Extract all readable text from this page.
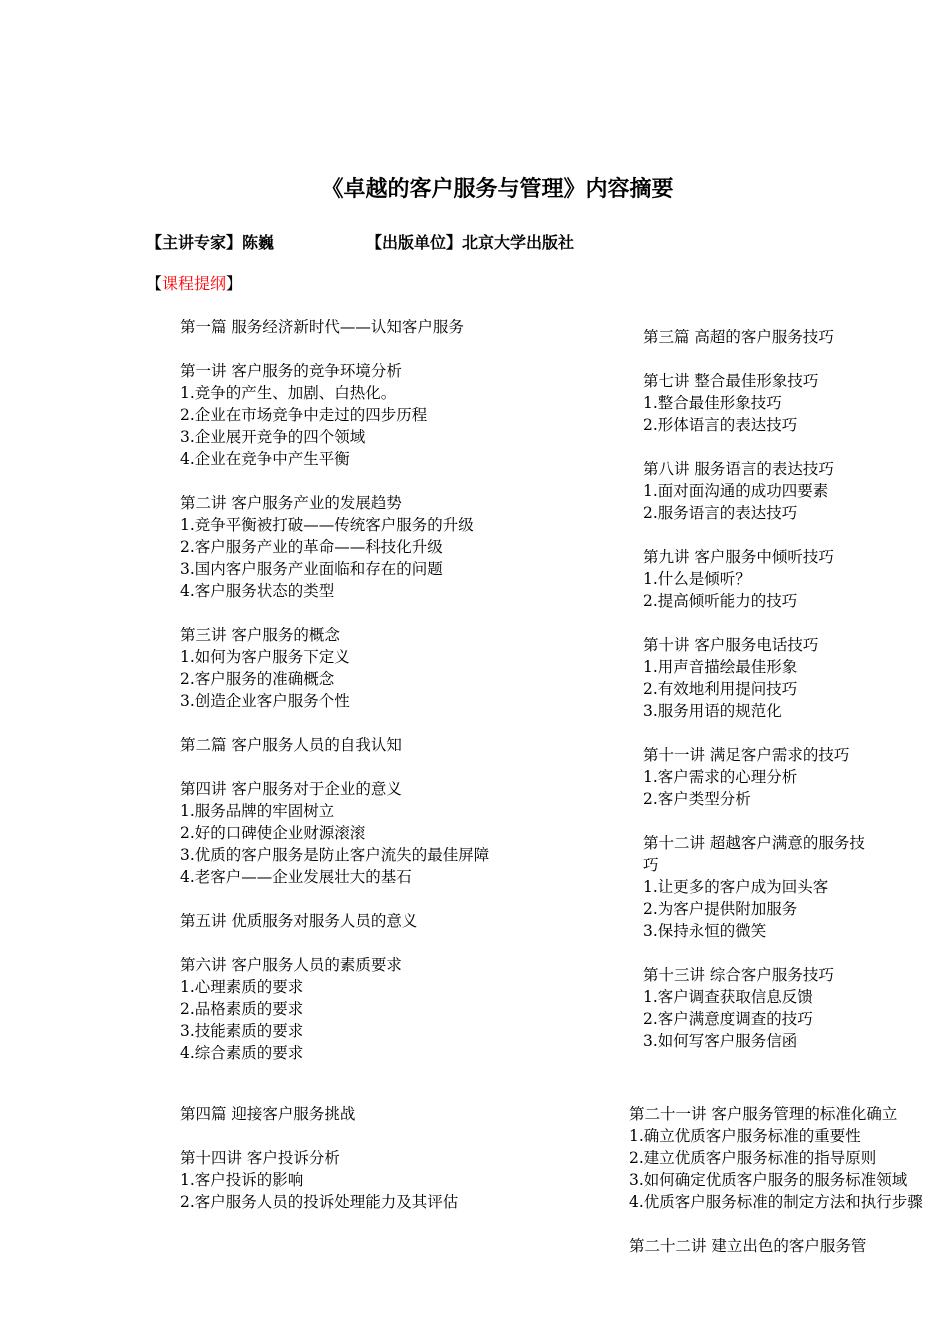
《卓越的客户服务与管理》内容摘要
【主讲专家】陈巍	【出版单位】北京大学出版社
【课程提纲】
第一篇 服务经济新时代——认知客户服务
第一讲 客户服务的竞争环境分析
1.竞争的产生、加剧、白热化。
2.企业在市场竞争中走过的四步历程
3.企业展开竞争的四个领域
4.企业在竞争中产生平衡
第二讲 客户服务产业的发展趋势
1.竞争平衡被打破——传统客户服务的升级
2.客户服务产业的革命——科技化升级
3.国内客户服务产业面临和存在的问题
4.客户服务状态的类型
第三讲 客户服务的概念
1.如何为客户服务下定义
2.客户服务的准确概念
3.创造企业客户服务个性
第二篇 客户服务人员的自我认知
第四讲 客户服务对于企业的意义
1.服务品牌的牢固树立
2.好的口碑使企业财源滚滚
3.优质的客户服务是防止客户流失的最佳屏障
4.老客户——企业发展壮大的基石
第五讲 优质服务对服务人员的意义
第六讲 客户服务人员的素质要求
1.心理素质的要求
2.品格素质的要求
3.技能素质的要求
4.综合素质的要求
第三篇 高超的客户服务技巧
第七讲 整合最佳形象技巧
1.整合最佳形象技巧
2.形体语言的表达技巧
第八讲 服务语言的表达技巧
1.面对面沟通的成功四要素
2.服务语言的表达技巧
第九讲 客户服务中倾听技巧
1.什么是倾听？
2.提高倾听能力的技巧
第十讲 客户服务电话技巧
1.用声音描绘最佳形象
2.有效地利用提问技巧
3.服务用语的规范化
第十一讲 满足客户需求的技巧
1.客户需求的心理分析
2.客户类型分析
第十二讲 超越客户满意的服务技
巧
1.让更多的客户成为回头客
2.为客户提供附加服务
3.保持永恒的微笑
第十三讲 综合客户服务技巧
1.客户调查获取信息反馈
2.客户满意度调查的技巧
3.如何写客户服务信函
第四篇 迎接客户服务挑战
第十四讲 客户投诉分析
1.客户投诉的影响
2.客户服务人员的投诉处理能力及其评估
第二十一讲 客户服务管理的标准化确立
1.确立优质客户服务标准的重要性
2.建立优质客户服务标准的指导原则
3.如何确定优质客户服务的服务标准领域
4.优质客户服务标准的制定方法和执行步骤
第二十二讲 建立出色的客户服务管
